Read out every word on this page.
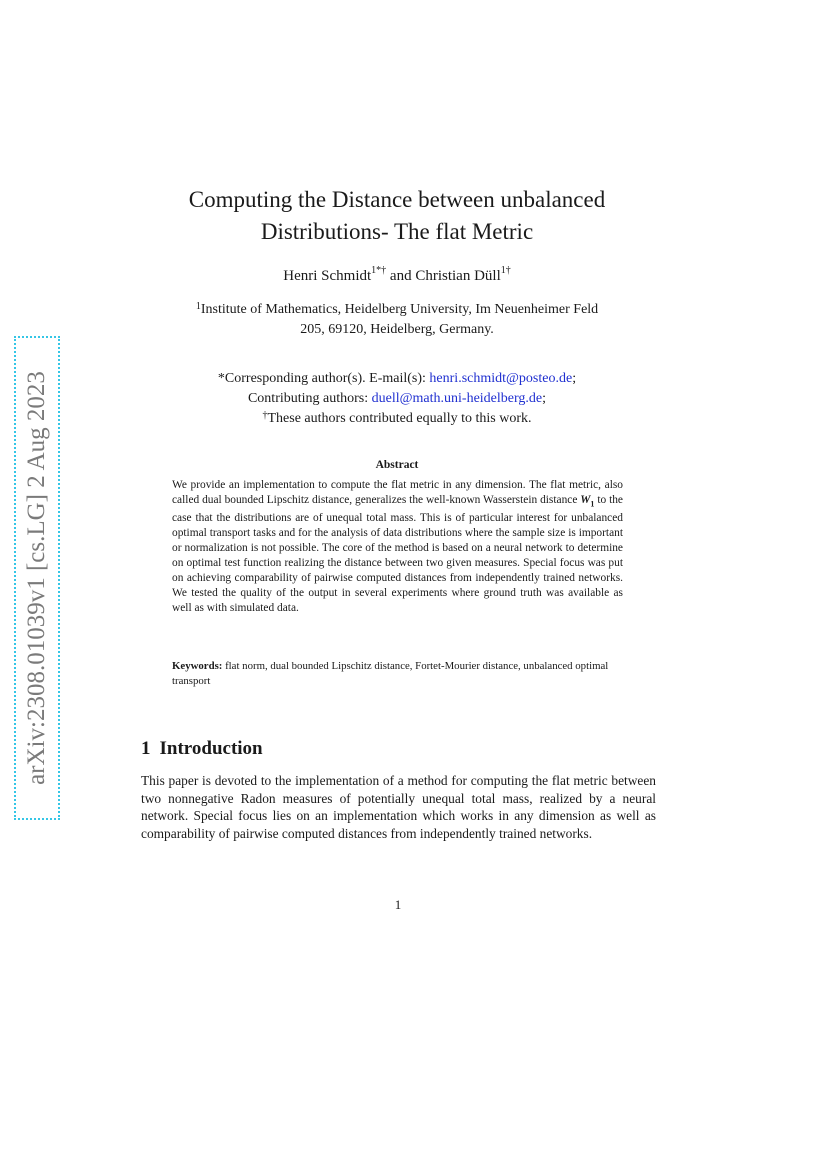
arXiv:2308.01039v1 [cs.LG] 2 Aug 2023
Computing the Distance between unbalanced
Distributions- The flat Metric
Henri Schmidt$^{1*\dagger}$ and Christian Düll$^{1\dagger}$
$^1$Institute of Mathematics, Heidelberg University, Im Neuenheimer Feld
205, 69120, Heidelberg, Germany.
*Corresponding author(s). E-mail(s): henri.schmidt@posteo.de;
Contributing authors: duell@math.uni-heidelberg.de;
†These authors contributed equally to this work.
Abstract
We provide an implementation to compute the flat metric in any dimension. The flat metric, also called dual bounded Lipschitz distance, generalizes the well-known Wasserstein distance $W_1$ to the case that the distributions are of unequal total mass. This is of particular interest for unbalanced optimal transport tasks and for the analysis of data distributions where the sample size is important or normalization is not possible. The core of the method is based on a neural network to determine on optimal test function realizing the distance between two given measures. Special focus was put on achieving comparability of pairwise computed distances from independently trained networks. We tested the quality of the output in several experiments where ground truth was available as well as with simulated data.
Keywords: flat norm, dual bounded Lipschitz distance, Fortet-Mourier distance, unbalanced optimal transport
1 Introduction
This paper is devoted to the implementation of a method for computing the flat metric between two nonnegative Radon measures of potentially unequal total mass, realized by a neural network. Special focus lies on an implementation which works in any dimension as well as comparability of pairwise computed distances from independently trained networks.
1
